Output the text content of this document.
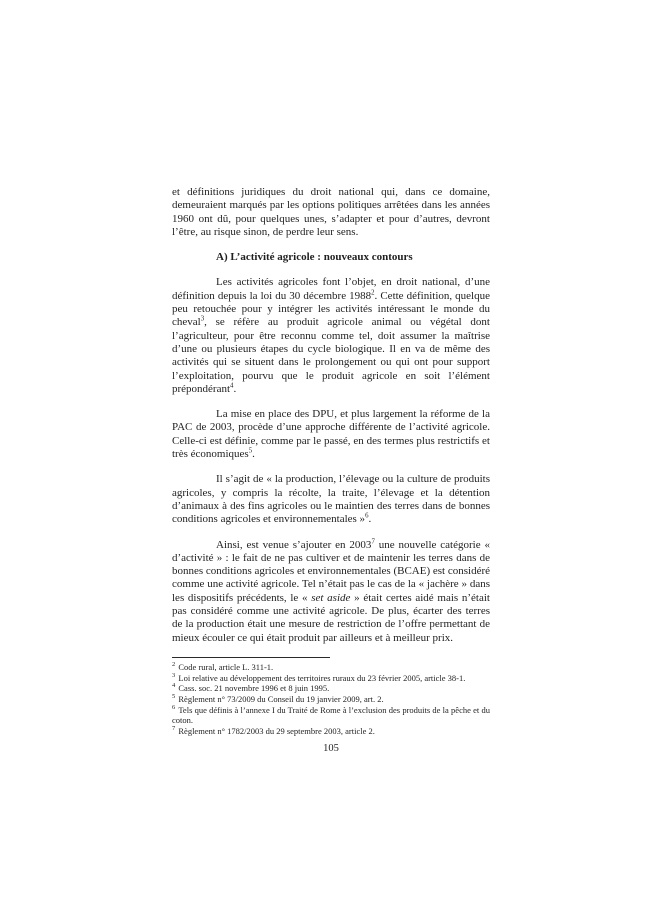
et définitions juridiques du droit national qui, dans ce domaine, demeuraient marqués par les options politiques arrêtées dans les années 1960 ont dû, pour quelques unes, s’adapter et pour d’autres, devront l’être, au risque sinon, de perdre leur sens.

A) L’activité agricole : nouveaux contours

Les activités agricoles font l’objet, en droit national, d’une définition depuis la loi du 30 décembre 1988$^2$. Cette définition, quelque peu retouchée pour y intégrer les activités intéressant le monde du cheval$^3$, se réfère au produit agricole animal ou végétal dont l’agriculteur, pour être reconnu comme tel, doit assumer la maîtrise d’une ou plusieurs étapes du cycle biologique. Il en va de même des activités qui se situent dans le prolongement ou qui ont pour support l’exploitation, pourvu que le produit agricole en soit l’élément prépondérant$^4$.

La mise en place des DPU, et plus largement la réforme de la PAC de 2003, procède d’une approche différente de l’activité agricole. Celle-ci est définie, comme par le passé, en des termes plus restrictifs et très économiques$^5$.

Il s’agit de « la production, l’élevage ou la culture de produits agricoles, y compris la récolte, la traite, l’élevage et la détention d’animaux à des fins agricoles ou le maintien des terres dans de bonnes conditions agricoles et environnementales »$^6$.

Ainsi, est venue s’ajouter en 2003$^7$ une nouvelle catégorie « d’activité » : le fait de ne pas cultiver et de maintenir les terres dans de bonnes conditions agricoles et environnementales (BCAE) est considéré comme une activité agricole. Tel n’était pas le cas de la « jachère » dans les dispositifs précédents, le « set aside » était certes aidé mais n’était pas considéré comme une activité agricole. De plus, écarter des terres de la production était une mesure de restriction de l’offre permettant de mieux écouler ce qui était produit par ailleurs et à meilleur prix.

$^2$ Code rural, article L. 311-1.

$^3$ Loi relative au développement des territoires ruraux du 23 février 2005, article 38-1.

$^4$ Cass. soc. 21 novembre 1996 et 8 juin 1995.

$^5$ Règlement n° 73/2009 du Conseil du 19 janvier 2009, art. 2.

$^6$ Tels que définis à l’annexe I du Traité de Rome à l’exclusion des produits de la pêche et du coton.

$^7$ Règlement n° 1782/2003 du 29 septembre 2003, article 2.

105
